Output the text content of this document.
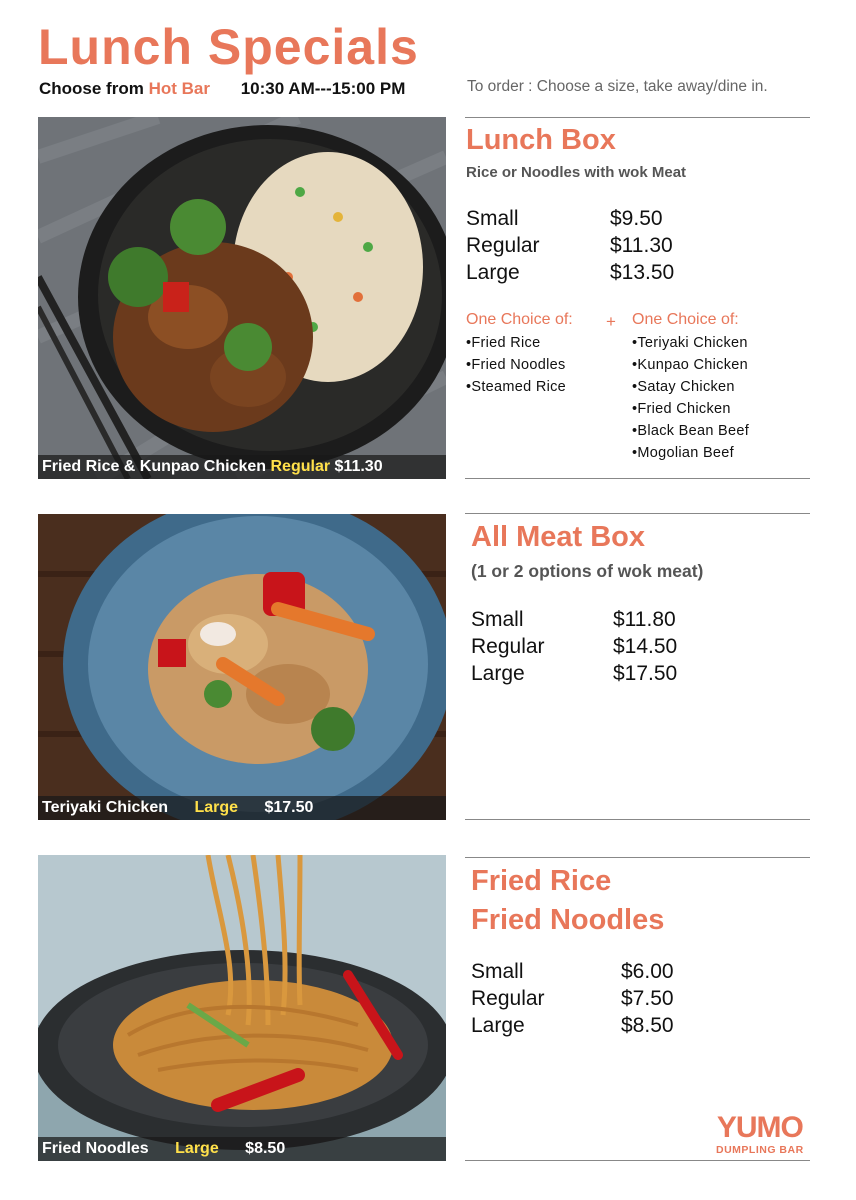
Lunch Specials
Choose from Hot Bar 10:30 AM---15:00 PM	To order : Choose a size, take away/dine in.
Fried Rice & Kunpao Chicken Regular $11.30
Teriyaki Chicken Large $17.50
Fried Noodles Large $8.50
Lunch Box
Rice or Noodles with wok Meat
Small	$9.50
Regular	$11.30
Large	$13.50
One Choice of:
•Fried Rice
•Fried Noodles
•Steamed Rice
+ One Choice of:
•Teriyaki Chicken
•Kunpao Chicken
•Satay Chicken
•Fried Chicken
•Black Bean Beef
•Mogolian Beef
All Meat Box
(1 or 2 options of wok meat)
Small	$11.80
Regular	$14.50
Large	$17.50
Fried Rice
Fried Noodles
Small	$6.00
Regular	$7.50
Large	$8.50
YUMO
DUMPLING BAR
